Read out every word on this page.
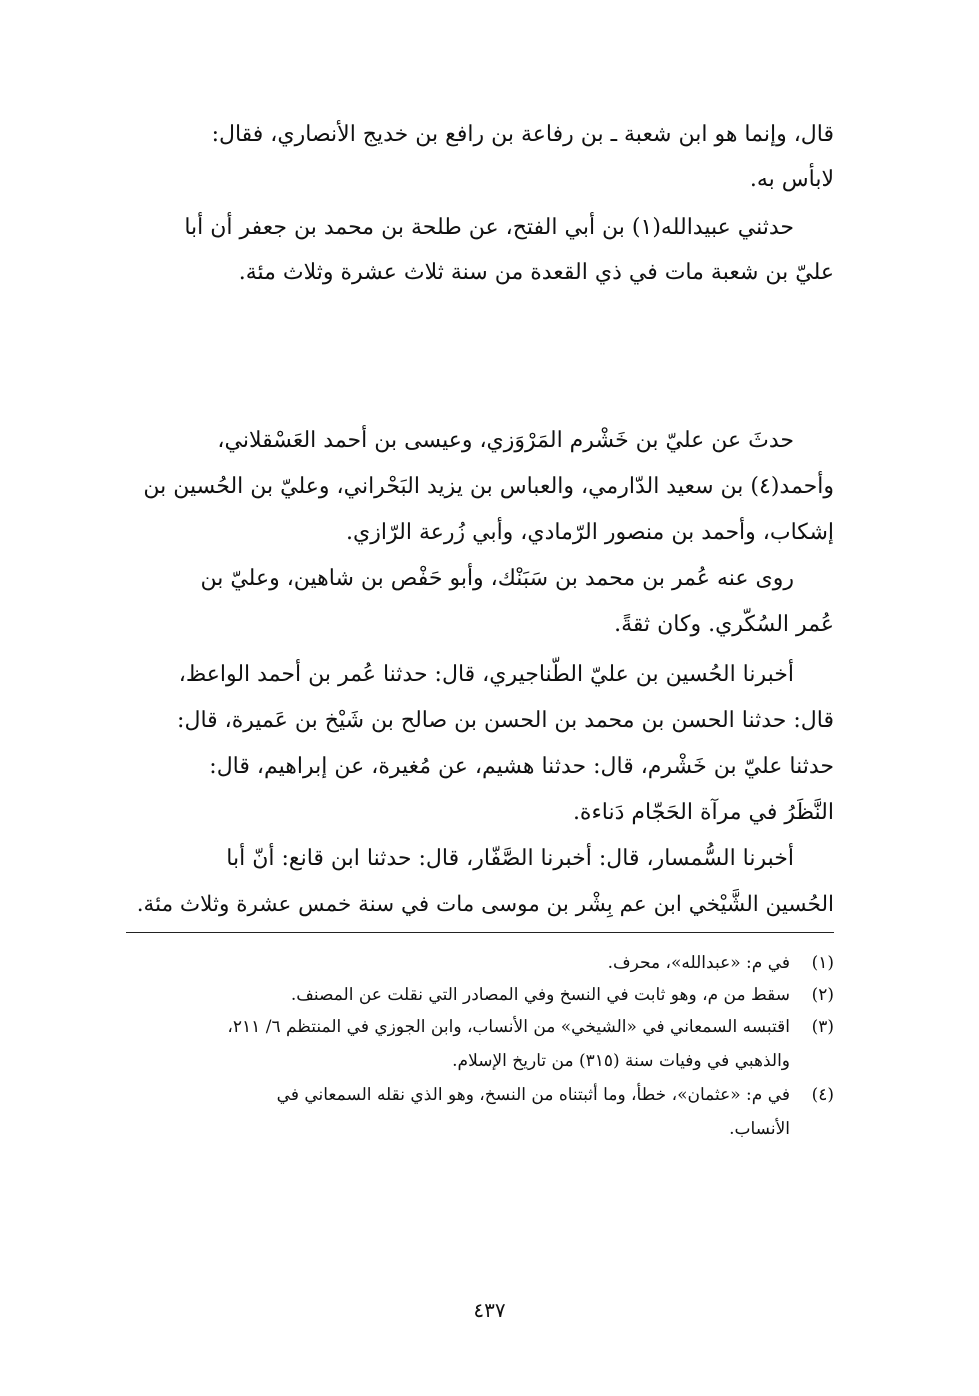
قال، وإنما هو ابن شعبة ـ بن رفاعة بن رافع بن خديج الأنصاري، فقال:
لابأس به.
حدثني عبيدالله(١) بن أبي الفتح، عن طلحة بن محمد بن جعفر أن أبا
عليّ بن شعبة مات في ذي القعدة من سنة ثلاث عشرة وثلاث مئة.
حدثَ عن عليّ بن خَشْرم المَرْوَزي، وعيسى بن أحمد العَسْقلاني،
وأحمد(٤) بن سعيد الدّارمي، والعباس بن يزيد البَحْراني، وعليّ بن الحُسين بن
إشكاب، وأحمد بن منصور الرّمادي، وأبي زُرعة الرّازي.
روى عنه عُمر بن محمد بن سَبَنْك، وأبو حَفْص بن شاهين، وعليّ بن
عُمر السُكّري. وكان ثقةً.
أخبرنا الحُسين بن عليّ الطّناجيري، قال: حدثنا عُمر بن أحمد الواعظ،
قال: حدثنا الحسن بن محمد بن الحسن بن صالح بن شَيْخ بن عَميرة، قال:
حدثنا عليّ بن خَشْرم، قال: حدثنا هشيم، عن مُغيرة، عن إبراهيم، قال:
النَّظَرُ في مرآة الحَجّام دَناءة.
أخبرنا السُّمسار، قال: أخبرنا الصَّفّار، قال: حدثنا ابن قانع: أنّ أبا
الحُسين الشَّيْخي ابن عم بِشْر بن موسى مات في سنة خمس عشرة وثلاث مئة.
(١)
في م: «عبدالله»، محرف.
(٢)
سقط من م، وهو ثابت في النسخ وفي المصادر التي نقلت عن المصنف.
(٣)
اقتبسه السمعاني في «الشيخي» من الأنساب، وابن الجوزي في المنتظم ٦/ ٢١١،
والذهبي في وفيات سنة (٣١٥) من تاريخ الإسلام.
(٤)
في م: «عثمان»، خطأ، وما أثبتناه من النسخ، وهو الذي نقله السمعاني في
الأنساب.
٤٣٧
